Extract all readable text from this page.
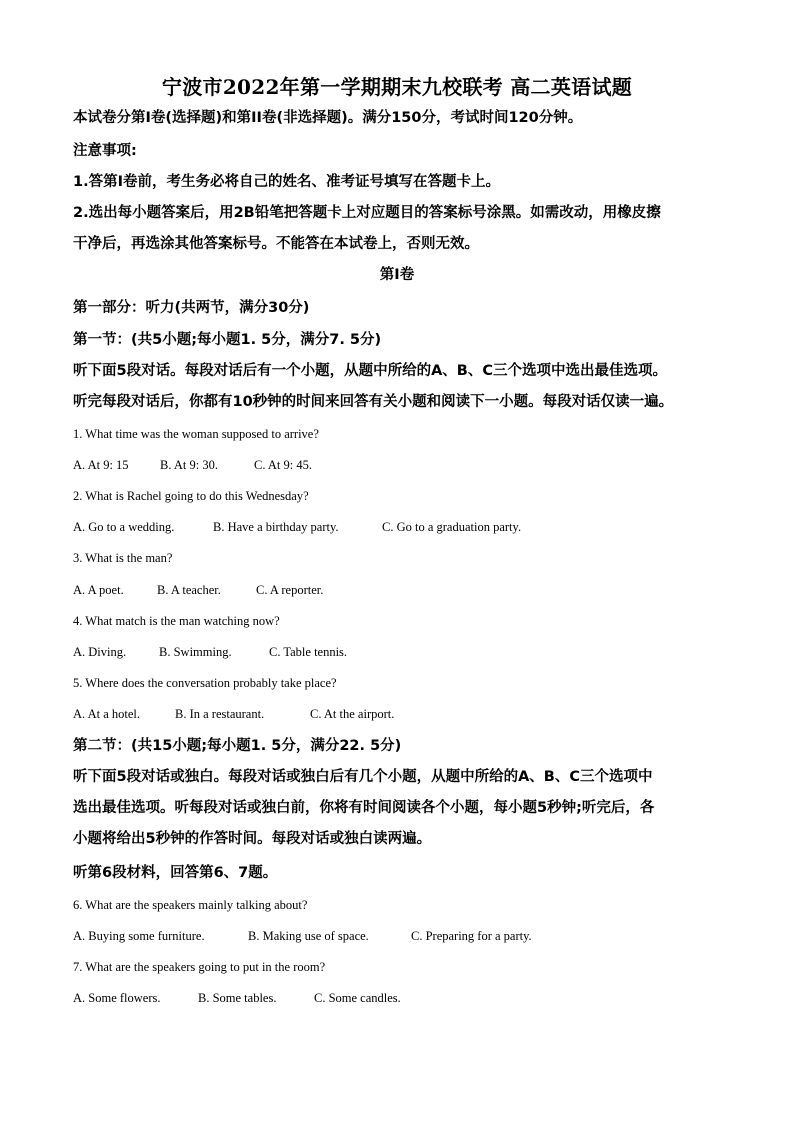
宁波市2022年第一学期期末九校联考 高二英语试题
本试卷分第I卷(选择题)和第II卷(非选择题)。满分150分，考试时间120分钟。
注意事项:
1.答第I卷前，考生务必将自己的姓名、准考证号填写在答题卡上。
2.选出每小题答案后，用2B铅笔把答题卡上对应题目的答案标号涂黑。如需改动，用橡皮擦
干净后，再选涂其他答案标号。不能答在本试卷上，否则无效。
第I卷
第一部分：听力(共两节，满分30分)
第一节：(共5小题;每小题1. 5分，满分7. 5分)
听下面5段对话。每段对话后有一个小题，从题中所给的A、B、C三个选项中选出最佳选项。
听完每段对话后，你都有10秒钟的时间来回答有关小题和阅读下一小题。每段对话仅读一遍。
1. What time was the woman supposed to arrive?
A. At 9: 15	B. At 9: 30.	C. At 9: 45.
2. What is Rachel going to do this Wednesday?
A. Go to a wedding.	B. Have a birthday party.	C. Go to a graduation party.
3. What is the man?
A. A poet.	B. A teacher.	C. A reporter.
4. What match is the man watching now?
A. Diving.	B. Swimming.	C. Table tennis.
5. Where does the conversation probably take place?
A. At a hotel.	B. In a restaurant.	C. At the airport.
第二节：(共15小题;每小题1. 5分，满分22. 5分)
听下面5段对话或独白。每段对话或独白后有几个小题，从题中所给的A、B、C三个选项中
选出最佳选项。听每段对话或独白前，你将有时间阅读各个小题，每小题5秒钟;听完后，各
小题将给出5秒钟的作答时间。每段对话或独白读两遍。
听第6段材料，回答第6、7题。
6. What are the speakers mainly talking about?
A. Buying some furniture.	B. Making use of space.	C. Preparing for a party.
7. What are the speakers going to put in the room?
A. Some flowers.	B. Some tables.	C. Some candles.
